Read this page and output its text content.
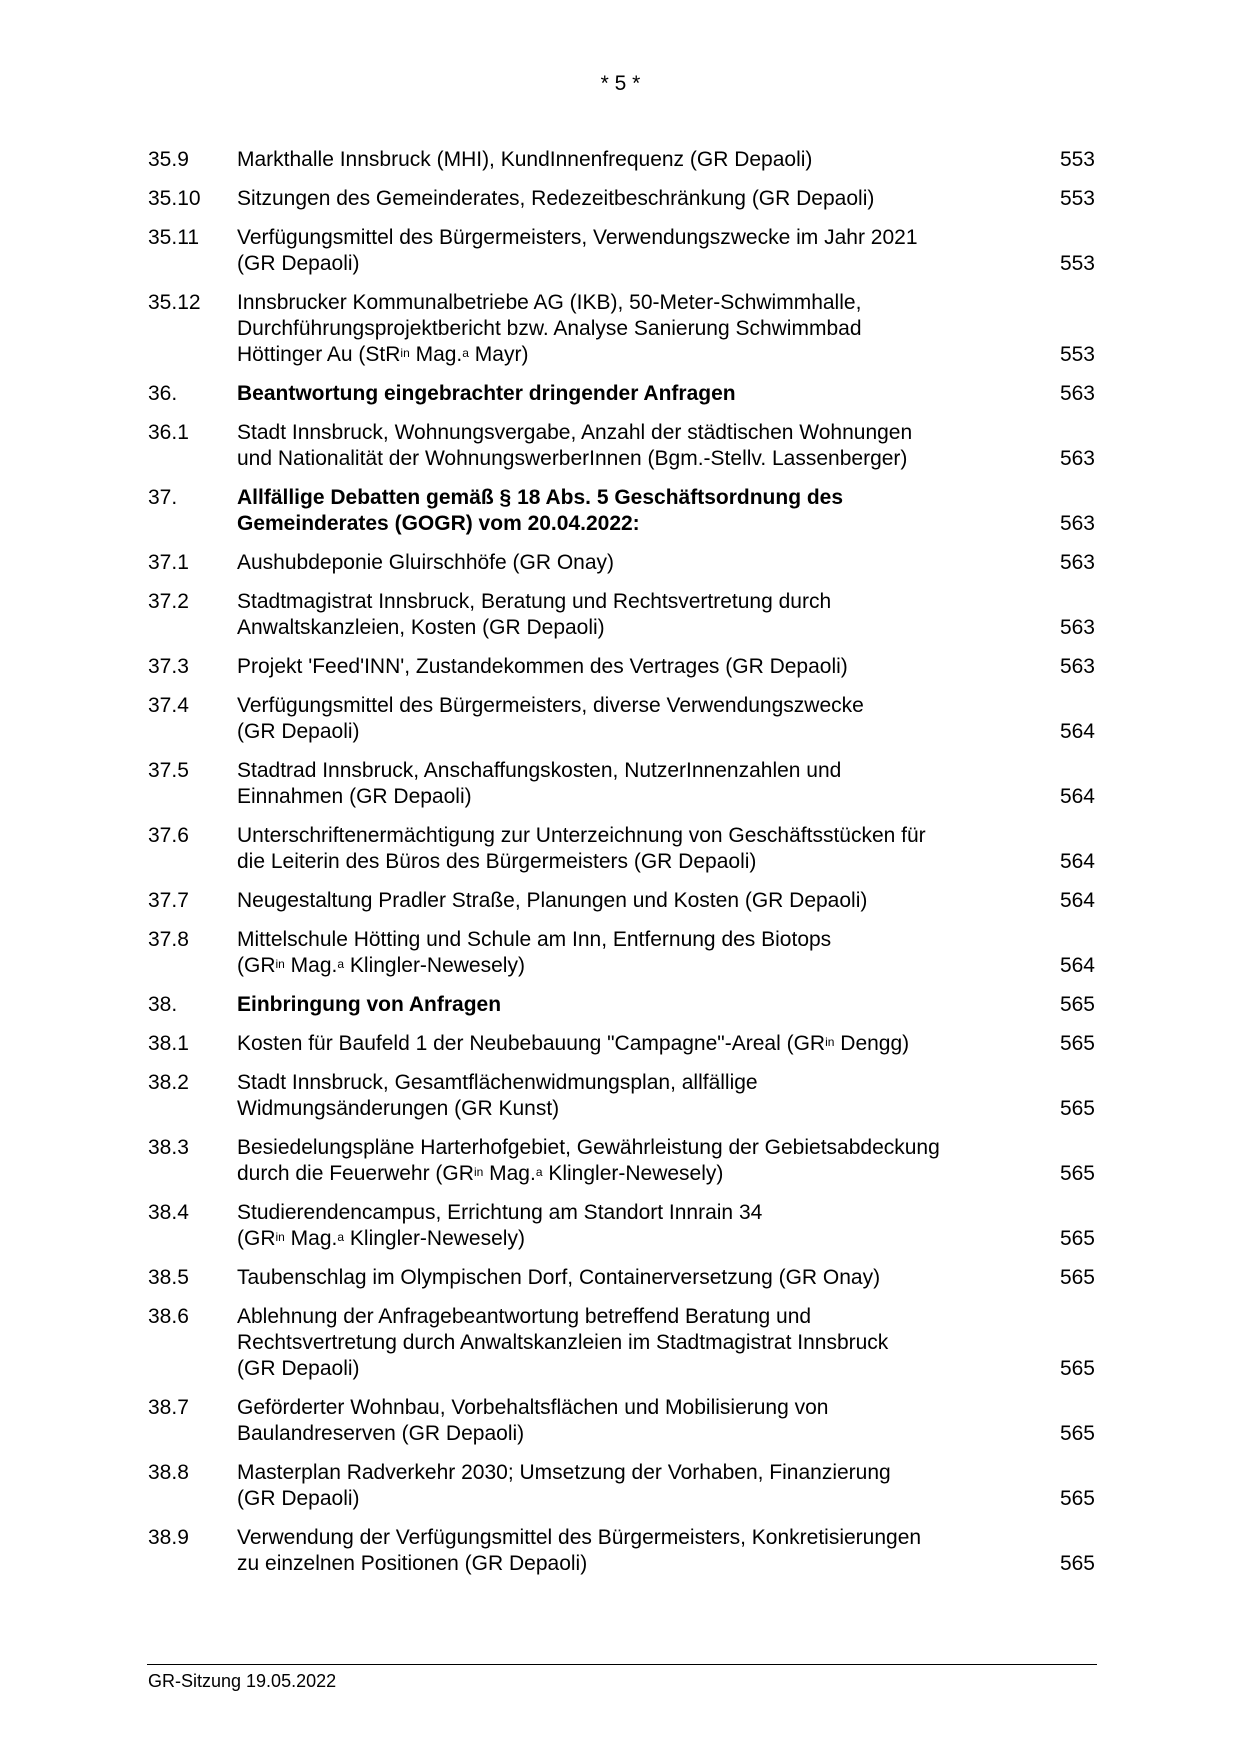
* 5 *
35.9	Markthalle Innsbruck (MHI), KundInnenfrequenz (GR Depaoli)	553
35.10	Sitzungen des Gemeinderates, Redezeitbeschränkung (GR Depaoli)	553
35.11	Verfügungsmittel des Bürgermeisters, Verwendungszwecke im Jahr 2021
(GR Depaoli)	553
35.12	Innsbrucker Kommunalbetriebe AG (IKB), 50-Meter-Schwimmhalle,
Durchführungsprojektbericht bzw. Analyse Sanierung Schwimmbad
Höttinger Au (StR$^{in}$ Mag.$^a$ Mayr)	553
36.	Beantwortung eingebrachter dringender Anfragen	563
36.1	Stadt Innsbruck, Wohnungsvergabe, Anzahl der städtischen Wohnungen
und Nationalität der WohnungswerberInnen (Bgm.-Stellv. Lassenberger)	563
37.	Allfällige Debatten gemäß § 18 Abs. 5 Geschäftsordnung des
Gemeinderates (GOGR) vom 20.04.2022:	563
37.1	Aushubdeponie Gluirschhöfe (GR Onay)	563
37.2	Stadtmagistrat Innsbruck, Beratung und Rechtsvertretung durch
Anwaltskanzleien, Kosten (GR Depaoli)	563
37.3	Projekt 'Feed'INN', Zustandekommen des Vertrages (GR Depaoli)	563
37.4	Verfügungsmittel des Bürgermeisters, diverse Verwendungszwecke
(GR Depaoli)	564
37.5	Stadtrad Innsbruck, Anschaffungskosten, NutzerInnenzahlen und
Einnahmen (GR Depaoli)	564
37.6	Unterschriftenermächtigung zur Unterzeichnung von Geschäftsstücken für
die Leiterin des Büros des Bürgermeisters (GR Depaoli)	564
37.7	Neugestaltung Pradler Straße, Planungen und Kosten (GR Depaoli)	564
37.8	Mittelschule Hötting und Schule am Inn, Entfernung des Biotops
($GR^{in}$ Mag.$^a$ Klingler-Newesely)	564
38.	Einbringung von Anfragen	565
38.1	Kosten für Baufeld 1 der Neubebauung "Campagne"-Areal ($GR^{in}$ Dengg)	565
38.2	Stadt Innsbruck, Gesamtflächenwidmungsplan, allfällige
Widmungsänderungen (GR Kunst)	565
38.3	Besiedelungspläne Harterhofgebiet, Gewährleistung der Gebietsabdeckung
durch die Feuerwehr ($GR^{in}$ Mag.$^a$ Klingler-Newesely)	565
38.4	Studierendencampus, Errichtung am Standort Innrain 34
($GR^{in}$ Mag.$^a$ Klingler-Newesely)	565
38.5	Taubenschlag im Olympischen Dorf, Containerversetzung (GR Onay)	565
38.6	Ablehnung der Anfragebeantwortung betreffend Beratung und
Rechtsvertretung durch Anwaltskanzleien im Stadtmagistrat Innsbruck
(GR Depaoli)	565
38.7	Geförderter Wohnbau, Vorbehaltsflächen und Mobilisierung von
Baulandreserven (GR Depaoli)	565
38.8	Masterplan Radverkehr 2030; Umsetzung der Vorhaben, Finanzierung
(GR Depaoli)	565
38.9	Verwendung der Verfügungsmittel des Bürgermeisters, Konkretisierungen
zu einzelnen Positionen (GR Depaoli)	565
GR-Sitzung 19.05.2022
